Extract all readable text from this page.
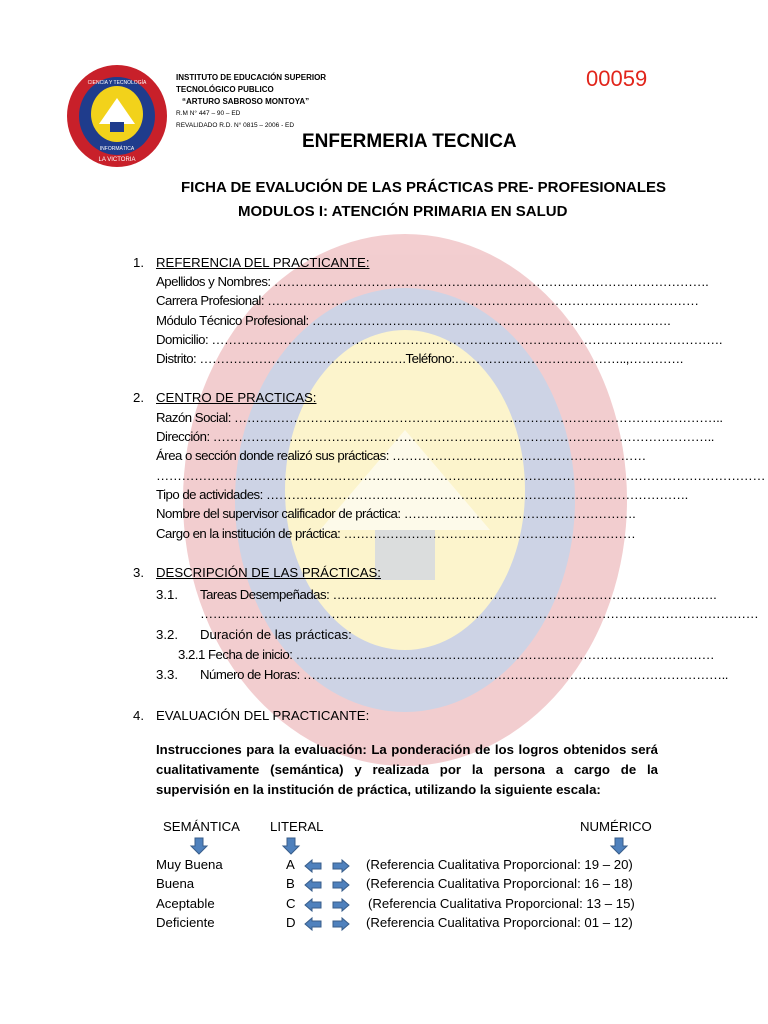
LA VICTORIA
INFORMÁTICA
CIENCIA Y TECNOLOGÍA
INSTITUTO DE EDUCACIÓN SUPERIOR
TECNOLÓGICO PUBLICO
“ARTURO SABROSO MONTOYA”
R.M N° 447 – 90 – ED
REVALIDADO R.D. N° 0815 – 2006 - ED
00059
ENFERMERIA TECNICA
FICHA DE EVALUCIÓN DE LAS PRÁCTICAS PRE- PROFESIONALES
MODULOS I: ATENCIÓN PRIMARIA EN SALUD
1. REFERENCIA DEL PRACTICANTE:
Apellidos y Nombres: ………………………………………………………………………………………….
Carrera Profesional: …………………………………………………………………………………………
Módulo Técnico Profesional: ………………………………………………………………………….
Domicilio: ………………………………………………………………………………………………………….
Distrito: ………………………………………….Teléfono:…………………………………..,………….
2. CENTRO DE PRACTICAS:
Razón Social: ……………………………………………………………………………………………………..
Dirección: ………………………………………………………………………………………………………..
Área o sección donde realizó sus prácticas: ……………………………………………………
………………………………………………………………………………………………………………………………
Tipo de actividades: ……………………………………………………………………………………….
Nombre del supervisor calificador de práctica: ……………………………………………….
Cargo en la institución de práctica: ……………………………………………………………
3. DESCRIPCIÓN DE LAS PRÁCTICAS:
3.1. Tareas Desempeñadas: ……………………………………………………………………………….
……………………………………………………………………………………………………………………
3.2. Duración de las prácticas:
3.2.1 Fecha de inicio: ………………………………………………………………………………………
3.3. Número de Horas: ………………………………………………………………………………………..
4. EVALUACIÓN DEL PRACTICANTE:
Instrucciones para la evaluación: La ponderación de los logros obtenidos será cualitativamente (semántica) y realizada por la persona a cargo de la supervisión en la institución de práctica, utilizando la siguiente escala:
SEMÁNTICA LITERAL	NUMÉRICO
Muy Buena	A	(Referencia Cualitativa Proporcional: 19 – 20)
Buena	B	(Referencia Cualitativa Proporcional: 16 – 18)
Aceptable	C	(Referencia Cualitativa Proporcional: 13 – 15)
Deficiente	D	(Referencia Cualitativa Proporcional: 01 – 12)
